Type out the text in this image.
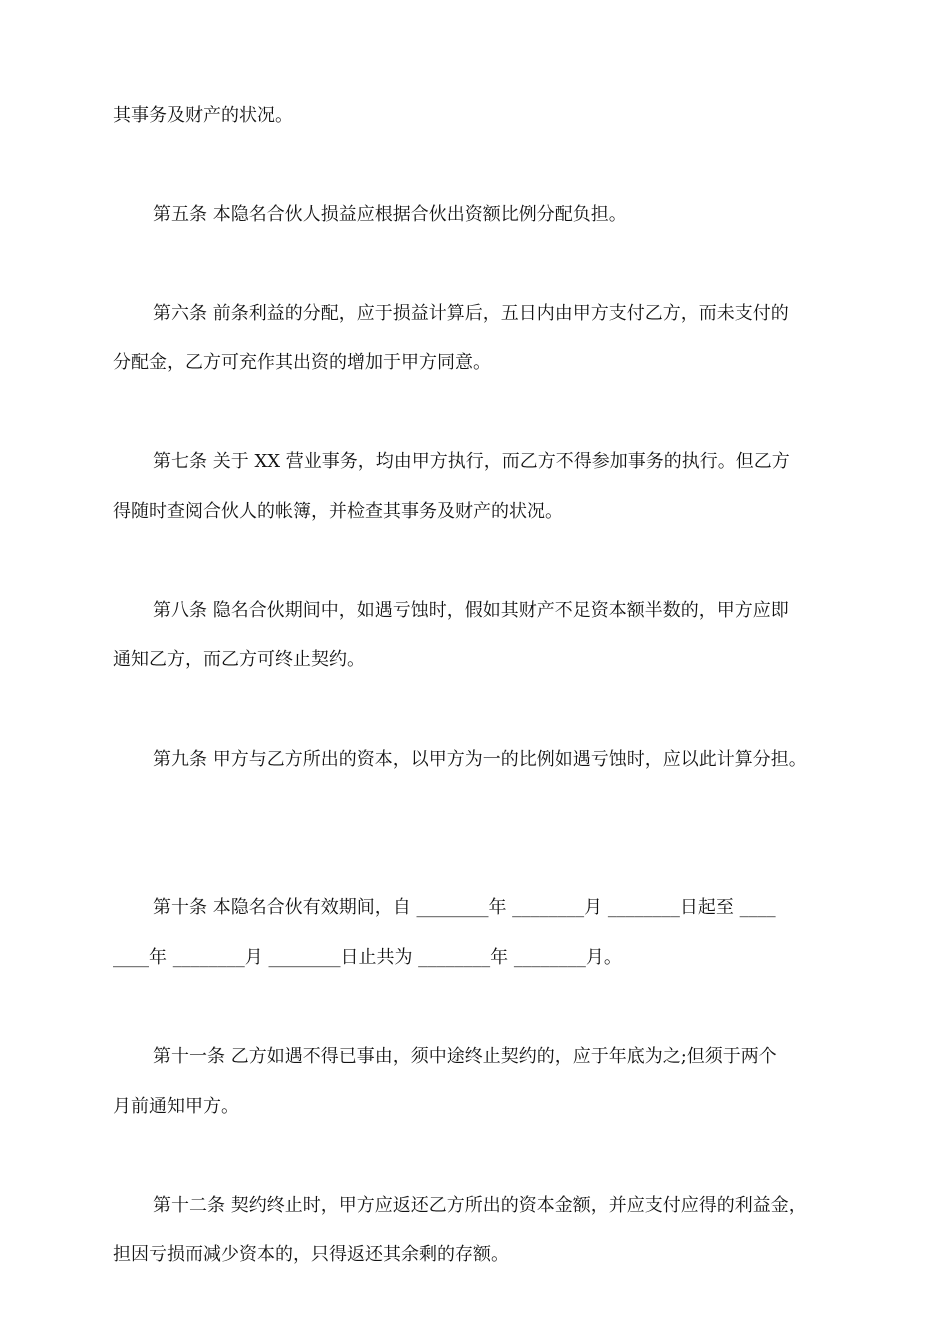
其事务及财产的状况。
第五条 本隐名合伙人损益应根据合伙出资额比例分配负担。
第六条 前条利益的分配，应于损益计算后，五日内由甲方支付乙方，而未支付的
分配金，乙方可充作其出资的增加于甲方同意。
第七条 关于 XX 营业事务，均由甲方执行，而乙方不得参加事务的执行。但乙方
得随时查阅合伙人的帐簿，并检查其事务及财产的状况。
第八条 隐名合伙期间中，如遇亏蚀时，假如其财产不足资本额半数的，甲方应即
通知乙方，而乙方可终止契约。
第九条 甲方与乙方所出的资本，以甲方为一的比例如遇亏蚀时，应以此计算分担。
第十条 本隐名合伙有效期间，自 ________年 ________月 ________日起至 ____
____年 ________月 ________日止共为 ________年 ________月。
第十一条 乙方如遇不得已事由，须中途终止契约的，应于年底为之;但须于两个
月前通知甲方。
第十二条 契约终止时，甲方应返还乙方所出的资本金额，并应支付应得的利益金，
担因亏损而减少资本的，只得返还其余剩的存额。
